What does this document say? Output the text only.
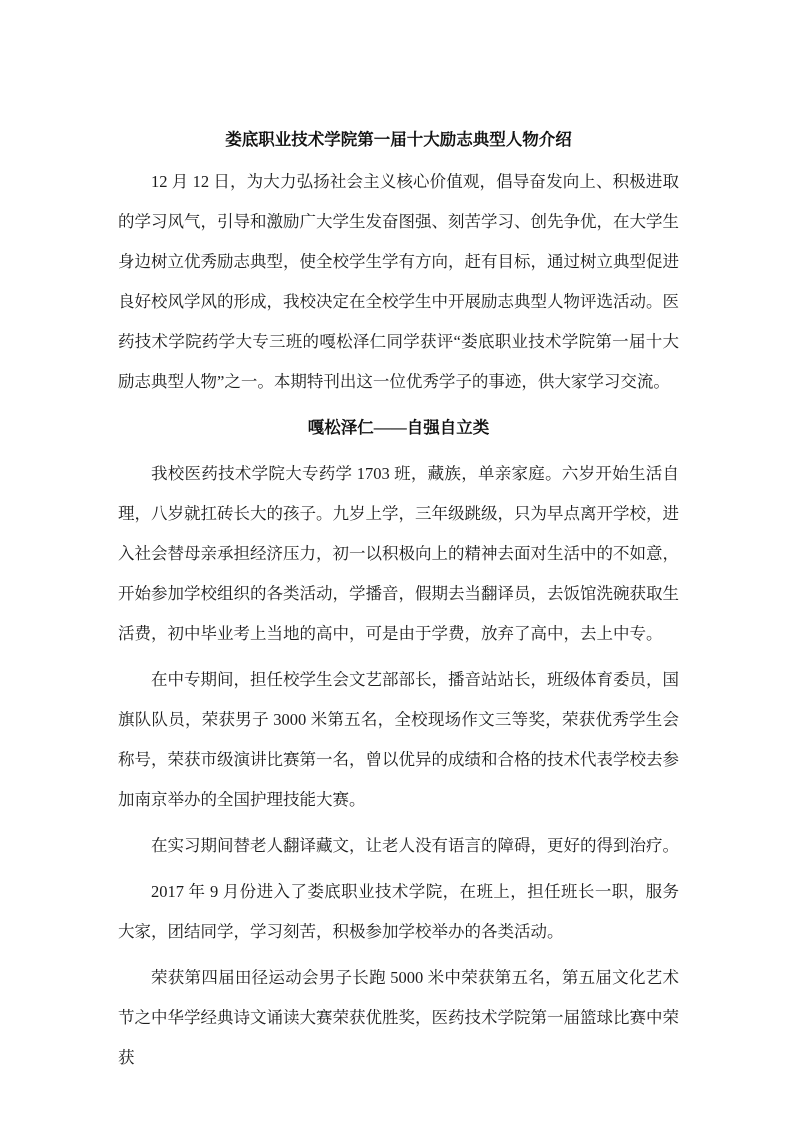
娄底职业技术学院第一届十大励志典型人物介绍

12 月 12 日，为大力弘扬社会主义核心价值观，倡导奋发向上、积极进取的学习风气，引导和激励广大学生发奋图强、刻苦学习、创先争优，在大学生身边树立优秀励志典型，使全校学生学有方向，赶有目标，通过树立典型促进良好校风学风的形成，我校决定在全校学生中开展励志典型人物评选活动。医药技术学院药学大专三班的嘎松泽仁同学获评“娄底职业技术学院第一届十大励志典型人物”之一。本期特刊出这一位优秀学子的事迹，供大家学习交流。

嘎松泽仁——自强自立类

我校医药技术学院大专药学 1703 班，藏族，单亲家庭。六岁开始生活自理，八岁就扛砖长大的孩子。九岁上学，三年级跳级，只为早点离开学校，进入社会替母亲承担经济压力，初一以积极向上的精神去面对生活中的不如意，开始参加学校组织的各类活动，学播音，假期去当翻译员，去饭馆洗碗获取生活费，初中毕业考上当地的高中，可是由于学费，放弃了高中，去上中专。

在中专期间，担任校学生会文艺部部长，播音站站长，班级体育委员，国旗队队员，荣获男子 3000 米第五名，全校现场作文三等奖，荣获优秀学生会称号，荣获市级演讲比赛第一名，曾以优异的成绩和合格的技术代表学校去参加南京举办的全国护理技能大赛。

在实习期间替老人翻译藏文，让老人没有语言的障碍，更好的得到治疗。

2017 年 9 月份进入了娄底职业技术学院，在班上，担任班长一职，服务大家，团结同学，学习刻苦，积极参加学校举办的各类活动。

荣获第四届田径运动会男子长跑 5000 米中荣获第五名，第五届文化艺术节之中华学经典诗文诵读大赛荣获优胜奖，医药技术学院第一届篮球比赛中荣获
